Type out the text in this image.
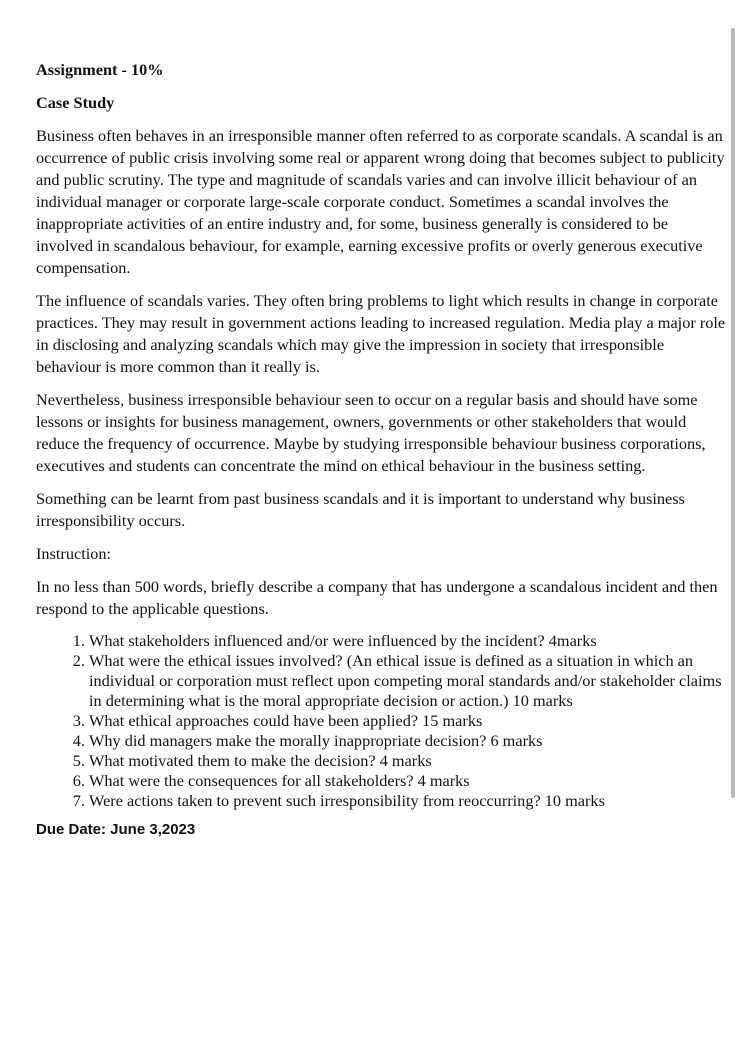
Assignment - 10%

Case Study

Business often behaves in an irresponsible manner often referred to as corporate scandals. A scandal is an occurrence of public crisis involving some real or apparent wrong doing that becomes subject to publicity and public scrutiny. The type and magnitude of scandals varies and can involve illicit behaviour of an individual manager or corporate large-scale corporate conduct. Sometimes a scandal involves the inappropriate activities of an entire industry and, for some, business generally is considered to be involved in scandalous behaviour, for example, earning excessive profits or overly generous executive compensation.

The influence of scandals varies. They often bring problems to light which results in change in corporate practices. They may result in government actions leading to increased regulation. Media play a major role in disclosing and analyzing scandals which may give the impression in society that irresponsible behaviour is more common than it really is.

Nevertheless, business irresponsible behaviour seen to occur on a regular basis and should have some lessons or insights for business management, owners, governments or other stakeholders that would reduce the frequency of occurrence. Maybe by studying irresponsible behaviour business corporations, executives and students can concentrate the mind on ethical behaviour in the business setting.

Something can be learnt from past business scandals and it is important to understand why business irresponsibility occurs.

Instruction:

In no less than 500 words, briefly describe a company that has undergone a scandalous incident and then respond to the applicable questions.

1. What stakeholders influenced and/or were influenced by the incident? 4marks
2. What were the ethical issues involved? (An ethical issue is defined as a situation in which an individual or corporation must reflect upon competing moral standards and/or stakeholder claims in determining what is the moral appropriate decision or action.) 10 marks
3. What ethical approaches could have been applied? 15 marks
4. Why did managers make the morally inappropriate decision? 6 marks
5. What motivated them to make the decision? 4 marks
6. What were the consequences for all stakeholders? 4 marks
7. Were actions taken to prevent such irresponsibility from reoccurring? 10 marks
Due Date: June 3,2023
